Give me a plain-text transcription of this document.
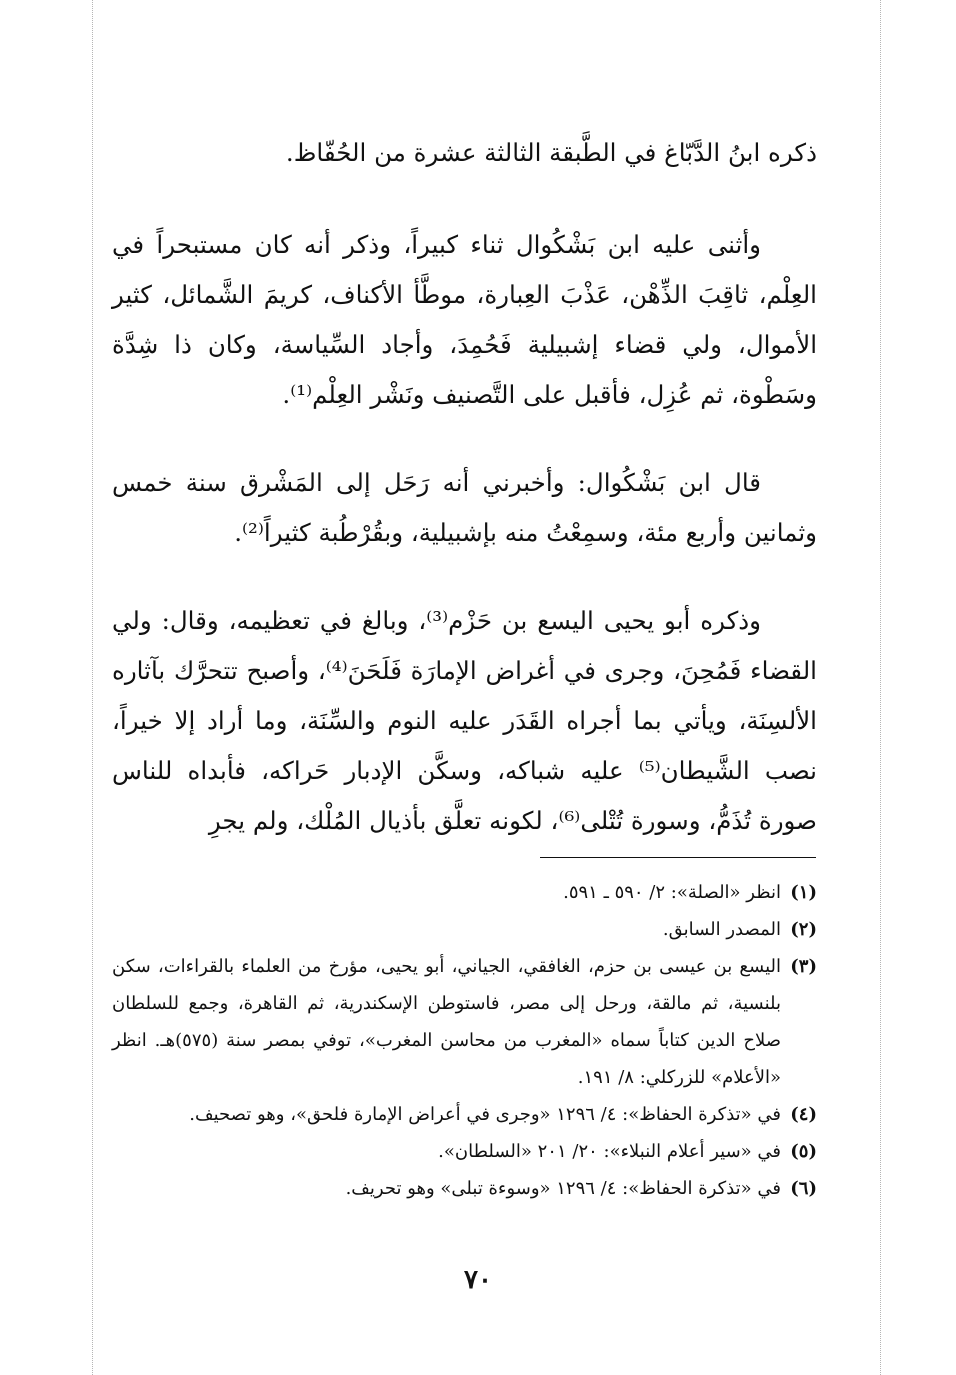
ذكره ابنُ الدَّبّاغ في الطَّبقة الثالثة عشرة من الحُفّاظ.

وأثنى عليه ابن بَشْكُوال ثناء كبيراً، وذكر أنه كان مستبحراً في العِلْم، ثاقِبَ الذِّهْن، عَذْبَ العِبارة، موطَّأ الأكناف، كريمَ الشَّمائل، كثير الأموال، ولي قضاء إشبيلية فَحُمِدَ، وأجاد السِّياسة، وكان ذا شِدَّة وسَطْوة، ثم عُزِل، فأقبل على التَّصنيف ونَشْر العِلْم⁽¹⁾.

قال ابن بَشْكُوال: وأخبرني أنه رَحَل إلى المَشْرق سنة خمس وثمانين وأربع مئة، وسمِعْتُ منه بإشبيلية، وبقُرْطُبة كثيراً⁽²⁾.

وذكره أبو يحيى اليسع بن حَزْم⁽³⁾، وبالغ في تعظيمه، وقال: ولي القضاء فَمُحِنَ، وجرى في أغراض الإمارَة فَلَحَنَ⁽⁴⁾، وأصبح تتحرَّك بآثاره الألسِنَة، ويأتي بما أجراه القَدَر عليه النوم والسِّنَة، وما أراد إلا خيراً، نصب الشَّيطان⁽⁵⁾ عليه شباكه، وسكَّن الإدبار حَراكه، فأبداه للناس صورة تُذَمُّ، وسورة تُتْلى⁽⁶⁾، لكونه تعلَّق بأذيال المُلْك، ولم يجرِ

(١)
انظر «الصلة»: ٢/ ٥٩٠ ـ ٥٩١.

(٢)
المصدر السابق.

(٣)
اليسع بن عيسى بن حزم، الغافقي، الجياني، أبو يحيى، مؤرخ من العلماء بالقراءات، سكن بلنسية، ثم مالقة، ورحل إلى مصر، فاستوطن الإسكندرية، ثم القاهرة، وجمع للسلطان صلاح الدين كتاباً سماه «المغرب من محاسن المغرب»، توفي بمصر سنة (٥٧٥)هـ. انظر «الأعلام» للزركلي: ٨/ ١٩١.

(٤)
في «تذكرة الحفاظ»: ٤/ ١٢٩٦ «وجرى في أعراض الإمارة فلحق»، وهو تصحيف.

(٥)
في «سير أعلام النبلاء»: ٢٠/ ٢٠١ «السلطان».

(٦)
في «تذكرة الحفاظ»: ٤/ ١٢٩٦ «وسوءة تبلى» وهو تحريف.

٧٠
